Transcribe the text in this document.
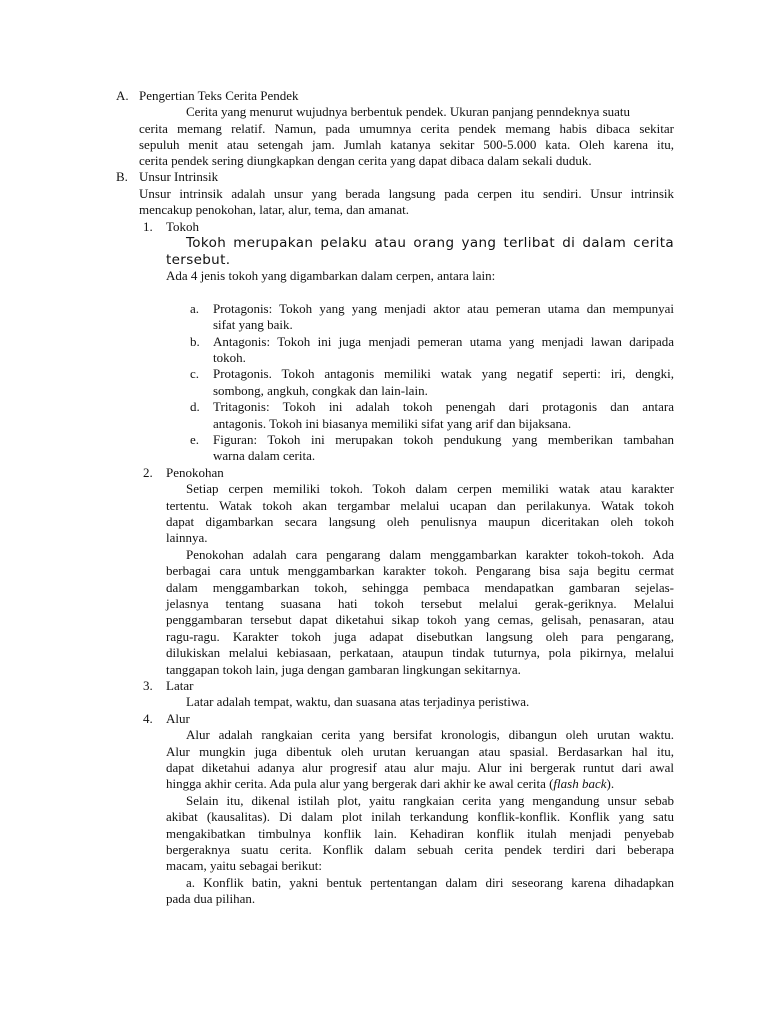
A. Pengertian Teks Cerita Pendek
Cerita yang menurut wujudnya berbentuk pendek. Ukuran panjang penndeknya suatu
cerita memang relatif. Namun, pada umumnya cerita pendek memang habis dibaca sekitar
sepuluh menit atau setengah jam. Jumlah katanya sekitar 500-5.000 kata. Oleh karena itu,
cerita pendek sering diungkapkan dengan cerita yang dapat dibaca dalam sekali duduk.
B. Unsur Intrinsik
Unsur intrinsik adalah unsur yang berada langsung pada cerpen itu sendiri. Unsur intrinsik
mencakup penokohan, latar, alur, tema, dan amanat.
1. Tokoh
Tokoh merupakan pelaku atau orang yang terlibat di dalam cerita
tersebut.
Ada 4 jenis tokoh yang digambarkan dalam cerpen, antara lain:
a. Protagonis: Tokoh yang yang menjadi aktor atau pemeran utama dan mempunyai
sifat yang baik.
b. Antagonis: Tokoh ini juga menjadi pemeran utama yang menjadi lawan daripada
tokoh.
c. Protagonis. Tokoh antagonis memiliki watak yang negatif seperti: iri, dengki,
sombong, angkuh, congkak dan lain-lain.
d. Tritagonis: Tokoh ini adalah tokoh penengah dari protagonis dan antara
antagonis. Tokoh ini biasanya memiliki sifat yang arif dan bijaksana.
e. Figuran: Tokoh ini merupakan tokoh pendukung yang memberikan tambahan
warna dalam cerita.
2. Penokohan
Setiap cerpen memiliki tokoh. Tokoh dalam cerpen memiliki watak atau karakter
tertentu. Watak tokoh akan tergambar melalui ucapan dan perilakunya. Watak tokoh
dapat digambarkan secara langsung oleh penulisnya maupun diceritakan oleh tokoh
lainnya.
Penokohan adalah cara pengarang dalam menggambarkan karakter tokoh-tokoh. Ada
berbagai cara untuk menggambarkan karakter tokoh. Pengarang bisa saja begitu cermat
dalam menggambarkan tokoh, sehingga pembaca mendapatkan gambaran sejelas-
jelasnya tentang suasana hati tokoh tersebut melalui gerak-geriknya. Melalui
penggambaran tersebut dapat diketahui sikap tokoh yang cemas, gelisah, penasaran, atau
ragu-ragu. Karakter tokoh juga adapat disebutkan langsung oleh para pengarang,
dilukiskan melalui kebiasaan, perkataan, ataupun tindak tuturnya, pola pikirnya, melalui
tanggapan tokoh lain, juga dengan gambaran lingkungan sekitarnya.
3. Latar
Latar adalah tempat, waktu, dan suasana atas terjadinya peristiwa.
4. Alur
Alur adalah rangkaian cerita yang bersifat kronologis, dibangun oleh urutan waktu.
Alur mungkin juga dibentuk oleh urutan keruangan atau spasial. Berdasarkan hal itu,
dapat diketahui adanya alur progresif atau alur maju. Alur ini bergerak runtut dari awal
hingga akhir cerita. Ada pula alur yang bergerak dari akhir ke awal cerita (flash back).
Selain itu, dikenal istilah plot, yaitu rangkaian cerita yang mengandung unsur sebab
akibat (kausalitas). Di dalam plot inilah terkandung konflik-konflik. Konflik yang satu
mengakibatkan timbulnya konflik lain. Kehadiran konflik itulah menjadi penyebab
bergeraknya suatu cerita. Konflik dalam sebuah cerita pendek terdiri dari beberapa
macam, yaitu sebagai berikut:
a. Konflik batin, yakni bentuk pertentangan dalam diri seseorang karena dihadapkan
pada dua pilihan.
